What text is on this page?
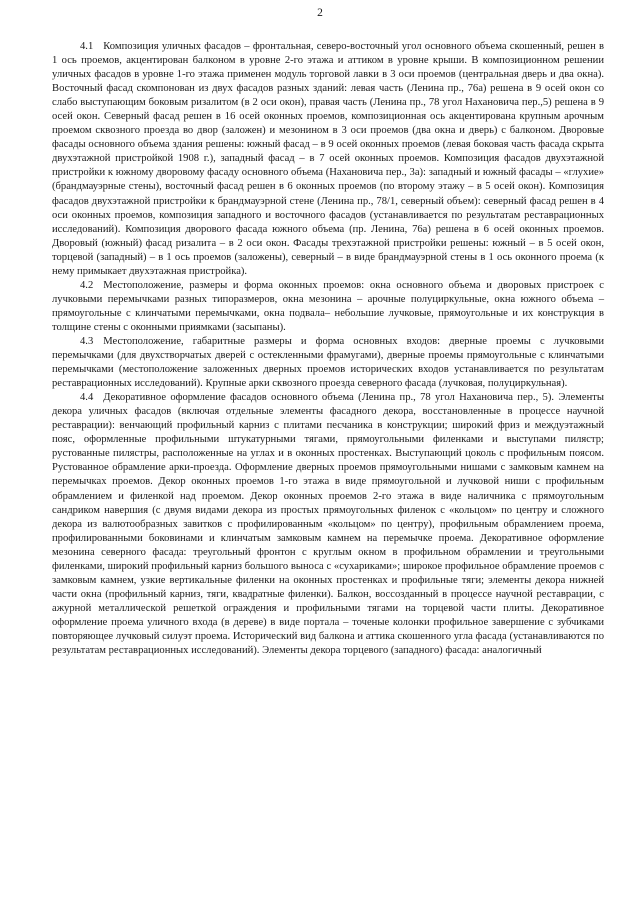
2

4.1 Композиция уличных фасадов – фронтальная, северо-восточный угол основного объема скошенный, решен в 1 ось проемов, акцентирован балконом в уровне 2-го этажа и аттиком в уровне крыши. В композиционном решении уличных фасадов в уровне 1-го этажа применен модуль торговой лавки в 3 оси проемов (центральная дверь и два окна). Восточный фасад скомпонован из двух фасадов разных зданий: левая часть (Ленина пр., 76а) решена в 9 осей окон со слабо выступающим боковым ризалитом (в 2 оси окон), правая часть (Ленина пр., 78 угол Нахановича пер.,5) решена в 9 осей окон. Северный фасад решен в 16 осей оконных проемов, композиционная ось акцентирована крупным арочным проемом сквозного проезда во двор (заложен) и мезонином в 3 оси проемов (два окна и дверь) с балконом. Дворовые фасады основного объема здания решены: южный фасад – в 9 осей оконных проемов (левая боковая часть фасада скрыта двухэтажной пристройкой 1908 г.), западный фасад – в 7 осей оконных проемов. Композиция фасадов двухэтажной пристройки к южному дворовому фасаду основного объема (Нахановича пер., 3а): западный и южный фасады – «глухие» (брандмауэрные стены), восточный фасад решен в 6 оконных проемов (по второму этажу – в 5 осей окон). Композиция фасадов двухэтажной пристройки к брандмауэрной стене (Ленина пр., 78/1, северный объем): северный фасад решен в 4 оси оконных проемов, композиция западного и восточного фасадов (устанавливается по результатам реставрационных исследований). Композиция дворового фасада южного объема (пр. Ленина, 76а) решена в 6 осей оконных проемов. Дворовый (южный) фасад ризалита – в 2 оси окон. Фасады трехэтажной пристройки решены: южный – в 5 осей окон, торцевой (западный) – в 1 ось проемов (заложены), северный – в виде брандмауэрной стены в 1 ось оконного проема (к нему примыкает двухэтажная пристройка).

4.2 Местоположение, размеры и форма оконных проемов: окна основного объема и дворовых пристроек с лучковыми перемычками разных типоразмеров, окна мезонина – арочные полуциркульные, окна южного объема – прямоугольные с клинчатыми перемычками, окна подвала– небольшие лучковые, прямоугольные и их конструкция в толщине стены с оконными приямками (засыпаны).

4.3 Местоположение, габаритные размеры и форма основных входов: дверные проемы с лучковыми перемычками (для двухстворчатых дверей с остекленными фрамугами), дверные проемы прямоугольные с клинчатыми перемычками (местоположение заложенных дверных проемов исторических входов устанавливается по результатам реставрационных исследований). Крупные арки сквозного проезда северного фасада (лучковая, полуциркульная).

4.4 Декоративное оформление фасадов основного объема (Ленина пр., 78 угол Нахановича пер., 5). Элементы декора уличных фасадов (включая отдельные элементы фасадного декора, восстановленные в процессе научной реставрации): венчающий профильный карниз с плитами песчаника в конструкции; широкий фриз и междуэтажный пояс, оформленные профильными штукатурными тягами, прямоугольными филенками и выступами пилястр; рустованные пилястры, расположенные на углах и в оконных простенках. Выступающий цоколь с профильным поясом. Рустованное обрамление арки-проезда. Оформление дверных проемов прямоугольными нишами с замковым камнем на перемычках проемов. Декор оконных проемов 1-го этажа в виде прямоугольной и лучковой ниши с профильным обрамлением и филенкой над проемом. Декор оконных проемов 2-го этажа в виде наличника с прямоугольным сандриком навершия (с двумя видами декора из простых прямоугольных филенок с «кольцом» по центру и сложного декора из валютообразных завитков с профилированным «кольцом» по центру), профильным обрамлением проема, профилированными боковинами и клинчатым замковым камнем на перемычке проема. Декоративное оформление мезонина северного фасада: треугольный фронтон с круглым окном в профильном обрамлении и треугольными филенками, широкий профильный карниз большого выноса с «сухариками»; широкое профильное обрамление проемов с замковым камнем, узкие вертикальные филенки на оконных простенках и профильные тяги; элементы декора нижней части окна (профильный карниз, тяги, квадратные филенки). Балкон, воссозданный в процессе научной реставрации, с ажурной металлической решеткой ограждения и профильными тягами на торцевой части плиты. Декоративное оформление проема уличного входа (в дереве) в виде портала – точеные колонки профильное завершение с зубчиками повторяющее лучковый силуэт проема. Исторический вид балкона и аттика скошенного угла фасада (устанавливаются по результатам реставрационных исследований). Элементы декора торцевого (западного) фасада: аналогичный
